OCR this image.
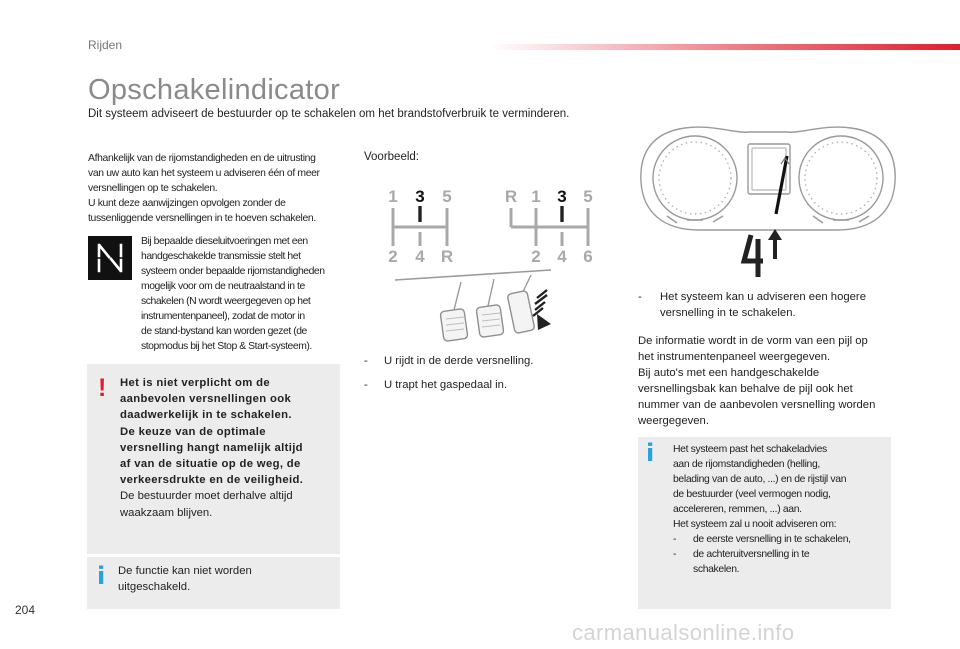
Rijden
Opschakelindicator
Dit systeem adviseert de bestuurder op te schakelen om het brandstofverbruik te verminderen.
Afhankelijk van de rijomstandigheden en de uitrusting
van uw auto kan het systeem u adviseren één of meer
versnellingen op te schakelen.
U kunt deze aanwijzingen opvolgen zonder de
tussenliggende versnellingen in te hoeven schakelen.
N
Bij bepaalde dieseluitvoeringen met een
handgeschakelde transmissie stelt het
systeem onder bepaalde rijomstandigheden
mogelijk voor om de neutraalstand in te
schakelen (N wordt weergegeven op het
instrumentenpaneel), zodat de motor in
de stand-bystand kan worden gezet (de
stopmodus bij het Stop & Start-systeem).
! Het is niet verplicht om de
aanbevolen versnellingen ook
daadwerkelijk in te schakelen.
De keuze van de optimale
versnelling hangt namelijk altijd
af van de situatie op de weg, de
verkeersdrukte en de veiligheid.
De bestuurder moet derhalve altijd
waakzaam blijven.
i De functie kan niet worden
uitgeschakeld.
Voorbeeld:
1 3 5
2 4 R
R 1 3 5
2 4 6
- U rijdt in de derde versnelling.
- U trapt het gaspedaal in.
4
-	Het systeem kan u adviseren een hogere
versnelling in te schakelen.
De informatie wordt in de vorm van een pijl op
het instrumentenpaneel weergegeven.
Bij auto's met een handgeschakelde
versnellingsbak kan behalve de pijl ook het
nummer van de aanbevolen versnelling worden
weergegeven.
i Het systeem past het schakeladvies
aan de rijomstandigheden (helling,
belading van de auto, ...) en de rijstijl van
de bestuurder (veel vermogen nodig,
accelereren, remmen, ...) aan.
Het systeem zal u nooit adviseren om:
-	de eerste versnelling in te schakelen,
-	de achteruitversnelling in te
schakelen.
204
carmanualsonline.info
